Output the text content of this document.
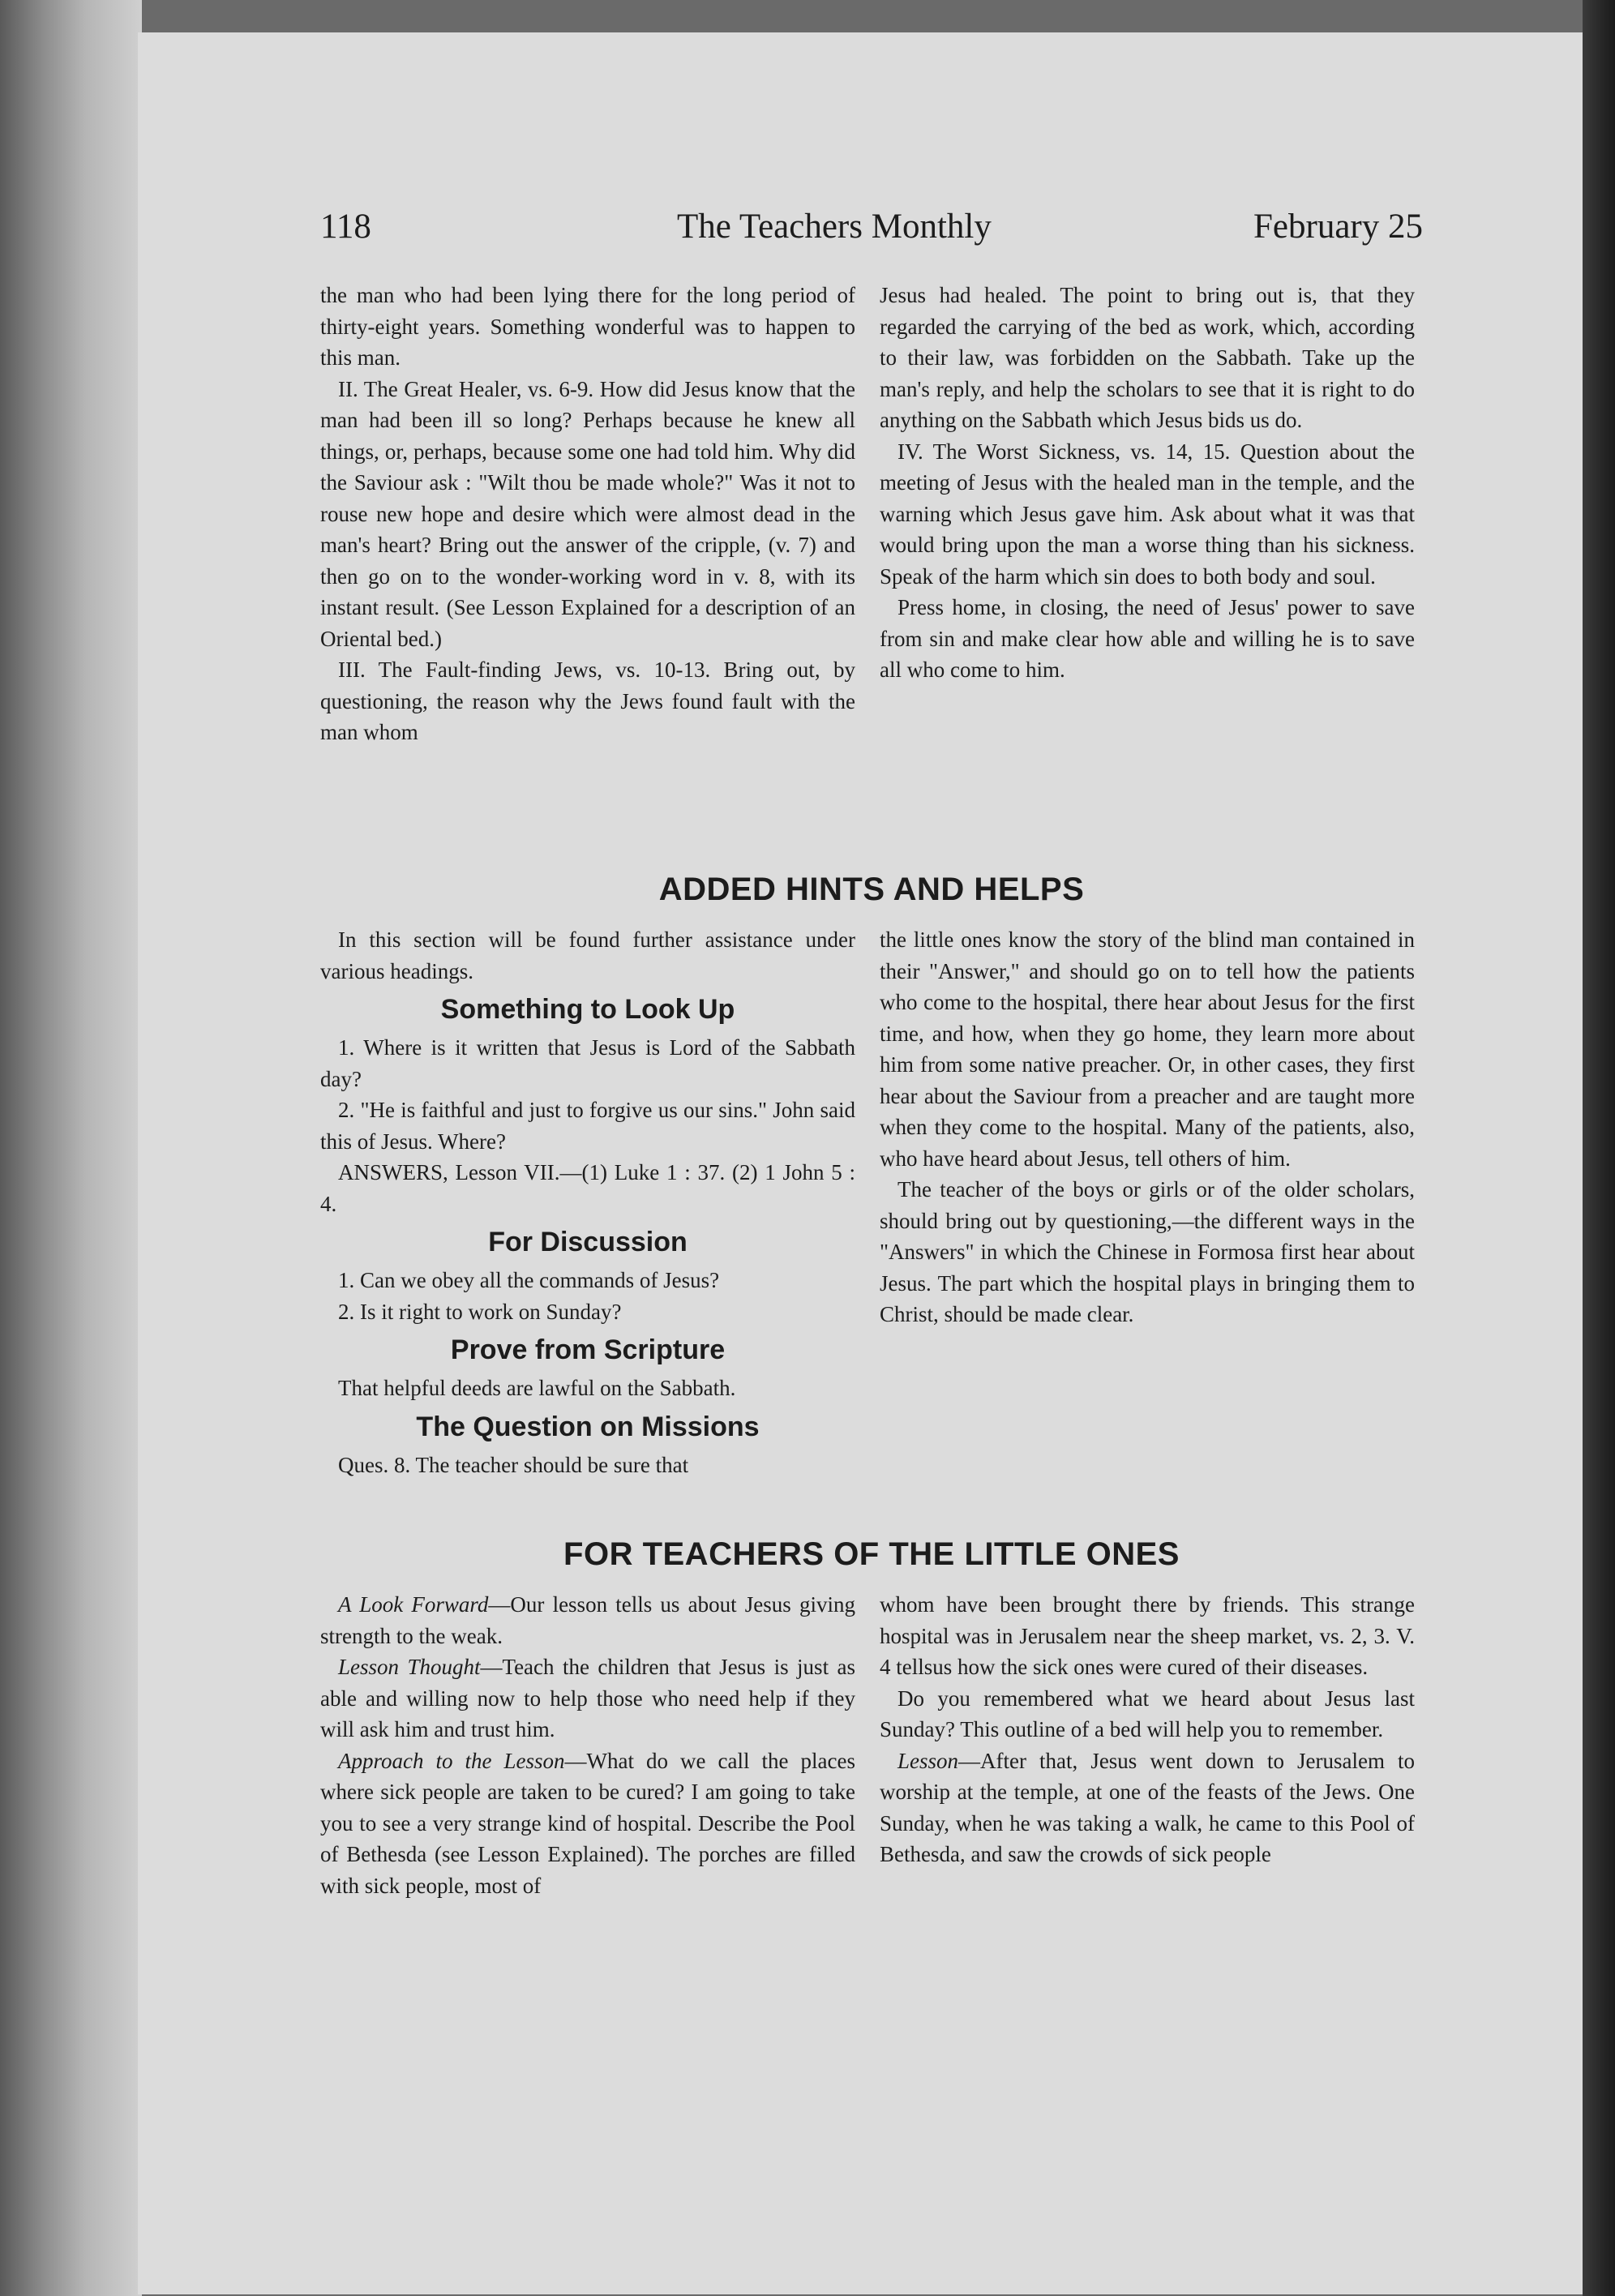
118	The Teachers Monthly	February 25

the man who had been lying there for the long period of thirty-eight years. Something wonderful was to happen to this man.

II. The Great Healer, vs. 6-9. How did Jesus know that the man had been ill so long? Perhaps because he knew all things, or, perhaps, because some one had told him. Why did the Saviour ask : "Wilt thou be made whole?" Was it not to rouse new hope and desire which were almost dead in the man's heart? Bring out the answer of the cripple, (v. 7) and then go on to the wonder-working word in v. 8, with its instant result. (See Lesson Explained for a description of an Oriental bed.)

III. The Fault-finding Jews, vs. 10-13. Bring out, by questioning, the reason why the Jews found fault with the man whom

Jesus had healed. The point to bring out is, that they regarded the carrying of the bed as work, which, according to their law, was forbidden on the Sabbath. Take up the man's reply, and help the scholars to see that it is right to do anything on the Sabbath which Jesus bids us do.

IV. The Worst Sickness, vs. 14, 15. Question about the meeting of Jesus with the healed man in the temple, and the warning which Jesus gave him. Ask about what it was that would bring upon the man a worse thing than his sickness. Speak of the harm which sin does to both body and soul.

Press home, in closing, the need of Jesus' power to save from sin and make clear how able and willing he is to save all who come to him.

ADDED HINTS AND HELPS

In this section will be found further assistance under various headings.

Something to Look Up

1. Where is it written that Jesus is Lord of the Sabbath day?

2. "He is faithful and just to forgive us our sins." John said this of Jesus. Where?

ANSWERS, Lesson VII.—(1) Luke 1 : 37. (2) 1 John 5 : 4.

For Discussion

1. Can we obey all the commands of Jesus?

2. Is it right to work on Sunday?

Prove from Scripture

That helpful deeds are lawful on the Sabbath.

The Question on Missions

Ques. 8. The teacher should be sure that

the little ones know the story of the blind man contained in their "Answer," and should go on to tell how the patients who come to the hospital, there hear about Jesus for the first time, and how, when they go home, they learn more about him from some native preacher. Or, in other cases, they first hear about the Saviour from a preacher and are taught more when they come to the hospital. Many of the patients, also, who have heard about Jesus, tell others of him.

The teacher of the boys or girls or of the older scholars, should bring out by questioning,—the different ways in the "Answers" in which the Chinese in Formosa first hear about Jesus. The part which the hospital plays in bringing them to Christ, should be made clear.

FOR TEACHERS OF THE LITTLE ONES

A Look Forward—Our lesson tells us about Jesus giving strength to the weak.

Lesson Thought—Teach the children that Jesus is just as able and willing now to help those who need help if they will ask him and trust him.

Approach to the Lesson—What do we call the places where sick people are taken to be cured? I am going to take you to see a very strange kind of hospital. Describe the Pool of Bethesda (see Lesson Explained). The porches are filled with sick people, most of

whom have been brought there by friends. This strange hospital was in Jerusalem near the sheep market, vs. 2, 3. V. 4 tellsus how the sick ones were cured of their diseases.

Do you remembered what we heard about Jesus last Sunday? This outline of a bed will help you to remember.

Lesson—After that, Jesus went down to Jerusalem to worship at the temple, at one of the feasts of the Jews. One Sunday, when he was taking a walk, he came to this Pool of Bethesda, and saw the crowds of sick people
